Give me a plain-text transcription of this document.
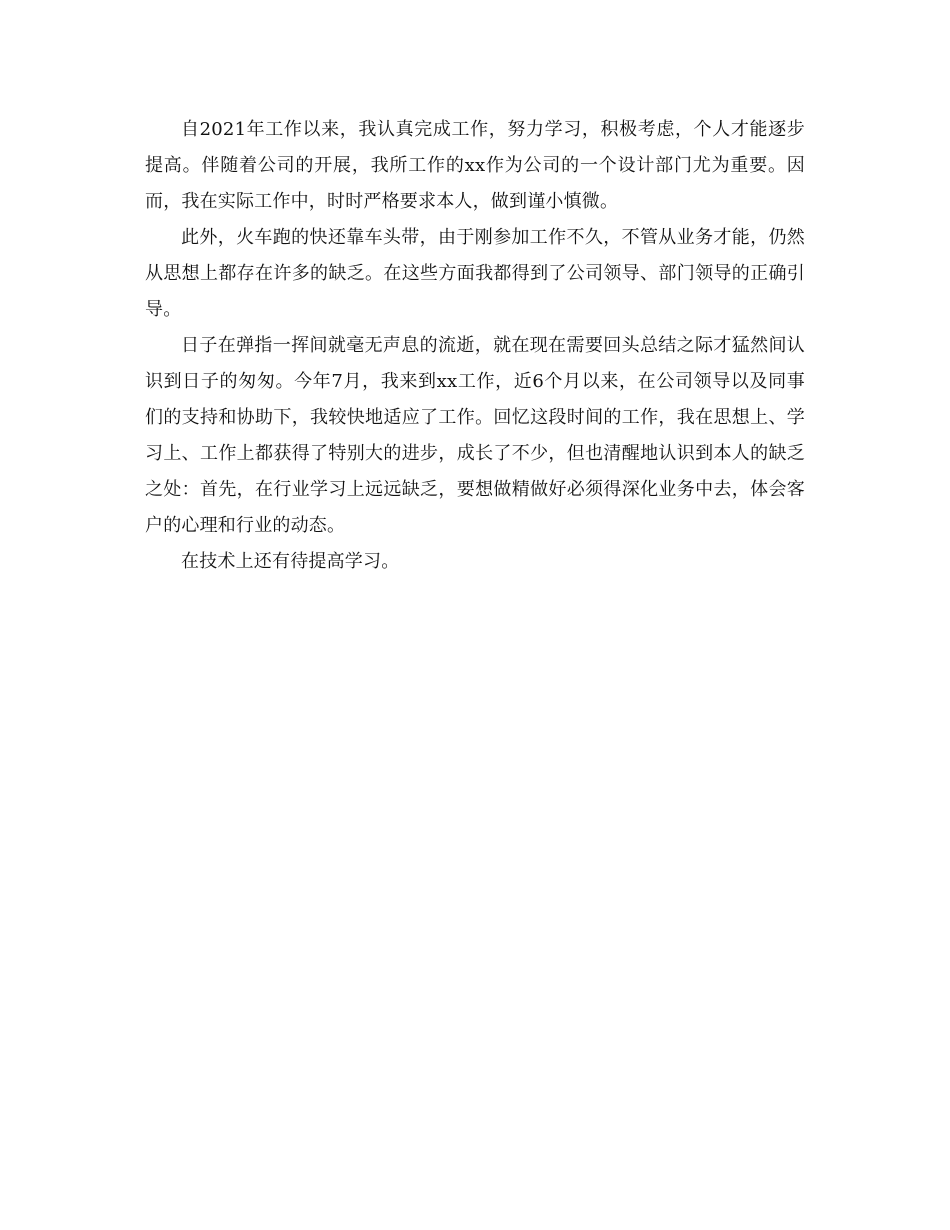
自2021年工作以来，我认真完成工作，努力学习，积极考虑，个人才能逐步提高。伴随着公司的开展，我所工作的xx作为公司的一个设计部门尤为重要。因而，我在实际工作中，时时严格要求本人，做到谨小慎微。

此外，火车跑的快还靠车头带，由于刚参加工作不久，不管从业务才能，仍然从思想上都存在许多的缺乏。在这些方面我都得到了公司领导、部门领导的正确引导。

日子在弹指一挥间就毫无声息的流逝，就在现在需要回头总结之际才猛然间认识到日子的匆匆。今年7月，我来到xx工作，近6个月以来，在公司领导以及同事们的支持和协助下，我较快地适应了工作。回忆这段时间的工作，我在思想上、学习上、工作上都获得了特别大的进步，成长了不少，但也清醒地认识到本人的缺乏之处：首先，在行业学习上远远缺乏，要想做精做好必须得深化业务中去，体会客户的心理和行业的动态。

在技术上还有待提高学习。
